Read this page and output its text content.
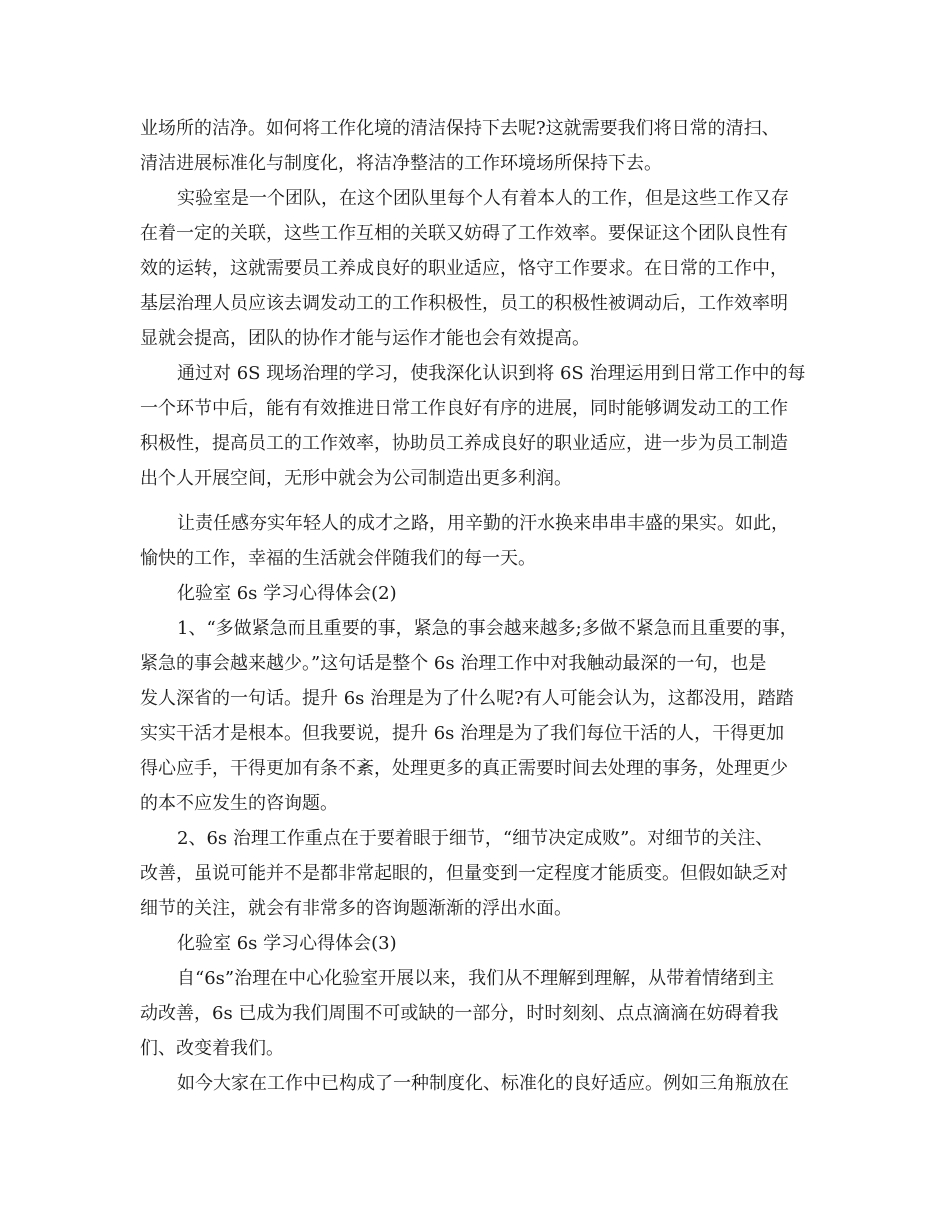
业场所的洁净。如何将工作化境的清洁保持下去呢?这就需要我们将日常的清扫、
清洁进展标准化与制度化，将洁净整洁的工作环境场所保持下去。
实验室是一个团队，在这个团队里每个人有着本人的工作，但是这些工作又存
在着一定的关联，这些工作互相的关联又妨碍了工作效率。要保证这个团队良性有
效的运转，这就需要员工养成良好的职业适应，恪守工作要求。在日常的工作中，
基层治理人员应该去调发动工的工作积极性，员工的积极性被调动后，工作效率明
显就会提高，团队的协作才能与运作才能也会有效提高。
通过对 6S 现场治理的学习，使我深化认识到将 6S 治理运用到日常工作中的每
一个环节中后，能有有效推进日常工作良好有序的进展，同时能够调发动工的工作
积极性，提高员工的工作效率，协助员工养成良好的职业适应，进一步为员工制造
出个人开展空间，无形中就会为公司制造出更多利润。
让责任感夯实年轻人的成才之路，用辛勤的汗水换来串串丰盛的果实。如此，
愉快的工作，幸福的生活就会伴随我们的每一天。
化验室 6s 学习心得体会(2)
1、“多做紧急而且重要的事，紧急的事会越来越多;多做不紧急而且重要的事，
紧急的事会越来越少。”这句话是整个 6s 治理工作中对我触动最深的一句，也是
发人深省的一句话。提升 6s 治理是为了什么呢?有人可能会认为，这都没用，踏踏
实实干活才是根本。但我要说，提升 6s 治理是为了我们每位干活的人，干得更加
得心应手，干得更加有条不紊，处理更多的真正需要时间去处理的事务，处理更少
的本不应发生的咨询题。
2、6s 治理工作重点在于要着眼于细节，“细节决定成败”。对细节的关注、
改善，虽说可能并不是都非常起眼的，但量变到一定程度才能质变。但假如缺乏对
细节的关注，就会有非常多的咨询题渐渐的浮出水面。
化验室 6s 学习心得体会(3)
自“6s”治理在中心化验室开展以来，我们从不理解到理解，从带着情绪到主
动改善，6s 已成为我们周围不可或缺的一部分，时时刻刻、点点滴滴在妨碍着我
们、改变着我们。
如今大家在工作中已构成了一种制度化、标准化的良好适应。例如三角瓶放在
